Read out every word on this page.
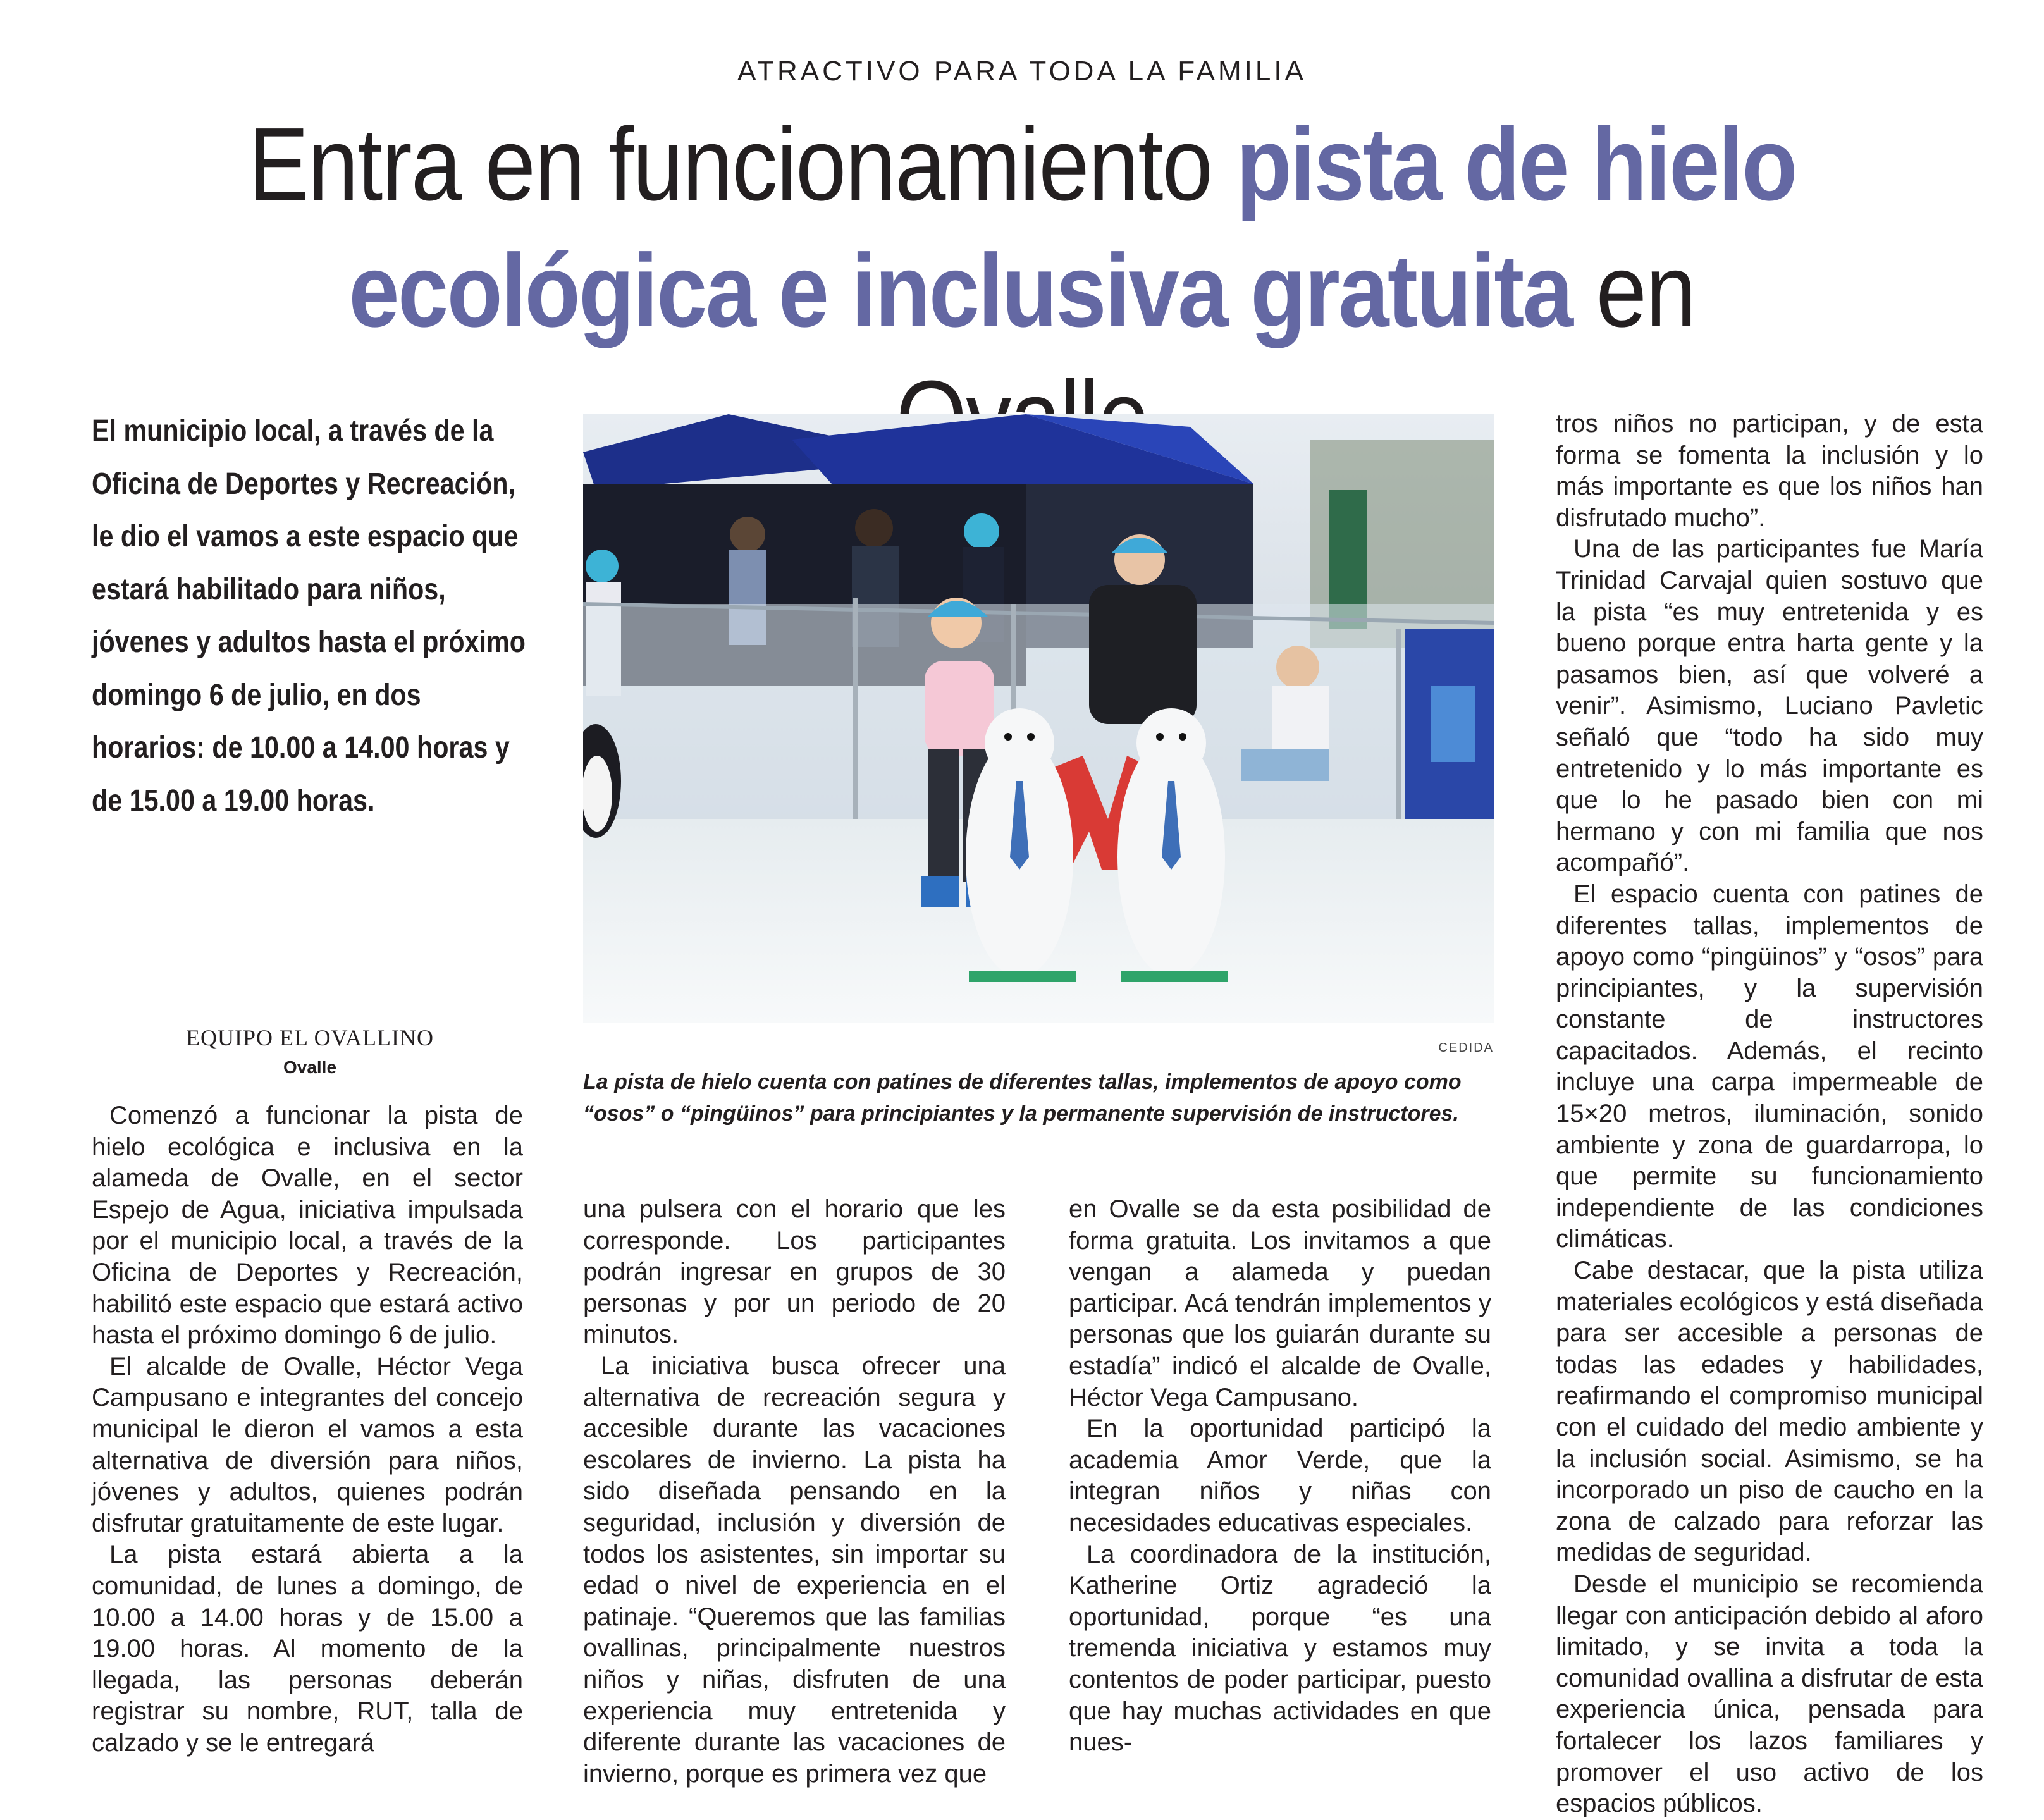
ATRACTIVO PARA TODA LA FAMILIA
Entra en funcionamiento pista de hielo
ecológica e inclusiva gratuita en
El municipio local, a través de la Oficina de Deportes y Recreación, le dio el vamos a este espacio que estará habilitado para niños, jóvenes y adultos hasta el próximo domingo 6 de julio, en dos horarios: de 10.00 a 14.00 horas y de 15.00 a 19.00 horas.
EQUIPO EL OVALLINO
Ovalle

Comenzó a funcionar la pista de hielo ecológica e inclusiva en la alameda de Ovalle, en el sector Espejo de Agua, iniciativa impulsada por el municipio local, a través de la Oficina de Deportes y Recreación, habilitó este espacio que estará activo hasta el próximo domingo 6 de julio.

El alcalde de Ovalle, Héctor Vega Campusano e integrantes del concejo municipal le dieron el vamos a esta alternativa de diversión para niños, jóvenes y adultos, quienes podrán disfrutar gratuitamente de este lugar.

La pista estará abierta a la comunidad, de lunes a domingo, de 10.00 a 14.00 horas y de 15.00 a 19.00 horas. Al momento de la llegada, las personas deberán registrar su nombre, RUT, talla de calzado y se le entregará

CEDIDA
La pista de hielo cuenta con patines de diferentes tallas, implementos de apoyo como “osos” o “pingüinos” para principiantes y la permanente supervisión de instructores.

una pulsera con el horario que les corresponde. Los participantes podrán ingresar en grupos de 30 personas y por un periodo de 20 minutos.

La iniciativa busca ofrecer una alternativa de recreación segura y accesible durante las vacaciones escolares de invierno. La pista ha sido diseñada pensando en la seguridad, inclusión y diversión de todos los asistentes, sin importar su edad o nivel de experiencia en el patinaje. “Queremos que las familias ovallinas, principalmente nuestros niños y niñas, disfruten de una experiencia muy entretenida y diferente durante las vacaciones de invierno, porque es primera vez que

en Ovalle se da esta posibilidad de forma gratuita. Los invitamos a que vengan a alameda y puedan participar. Acá tendrán implementos y personas que los guiarán durante su estadía” indicó el alcalde de Ovalle, Héctor Vega Campusano.

En la oportunidad participó la academia Amor Verde, que la integran niños y niñas con necesidades educativas especiales.

La coordinadora de la institución, Katherine Ortiz agradeció la oportunidad, porque “es una tremenda iniciativa y estamos muy contentos de poder participar, puesto que hay muchas actividades en que nues-

tros niños no participan, y de esta forma se fomenta la inclusión y lo más importante es que los niños han disfrutado mucho”.

Una de las participantes fue María Trinidad Carvajal quien sostuvo que la pista “es muy entretenida y es bueno porque entra harta gente y la pasamos bien, así que volveré a venir”. Asimismo, Luciano Pavletic señaló que “todo ha sido muy entretenido y lo más importante es que lo he pasado bien con mi hermano y con mi familia que nos acompañó”.

El espacio cuenta con patines de diferentes tallas, implementos de apoyo como “pingüinos” y “osos” para principiantes, y la supervisión constante de instructores capacitados. Además, el recinto incluye una carpa impermeable de 15×20 metros, iluminación, sonido ambiente y zona de guardarropa, lo que permite su funcionamiento independiente de las condiciones climáticas.

Cabe destacar, que la pista utiliza materiales ecológicos y está diseñada para ser accesible a personas de todas las edades y habilidades, reafirmando el compromiso municipal con el cuidado del medio ambiente y la inclusión social. Asimismo, se ha incorporado un piso de caucho en la zona de calzado para reforzar las medidas de seguridad.

Desde el municipio se recomienda llegar con anticipación debido al aforo limitado, y se invita a toda la comunidad ovallina a disfrutar de esta experiencia única, pensada para fortalecer los lazos familiares y promover el uso activo de los espacios públicos.
